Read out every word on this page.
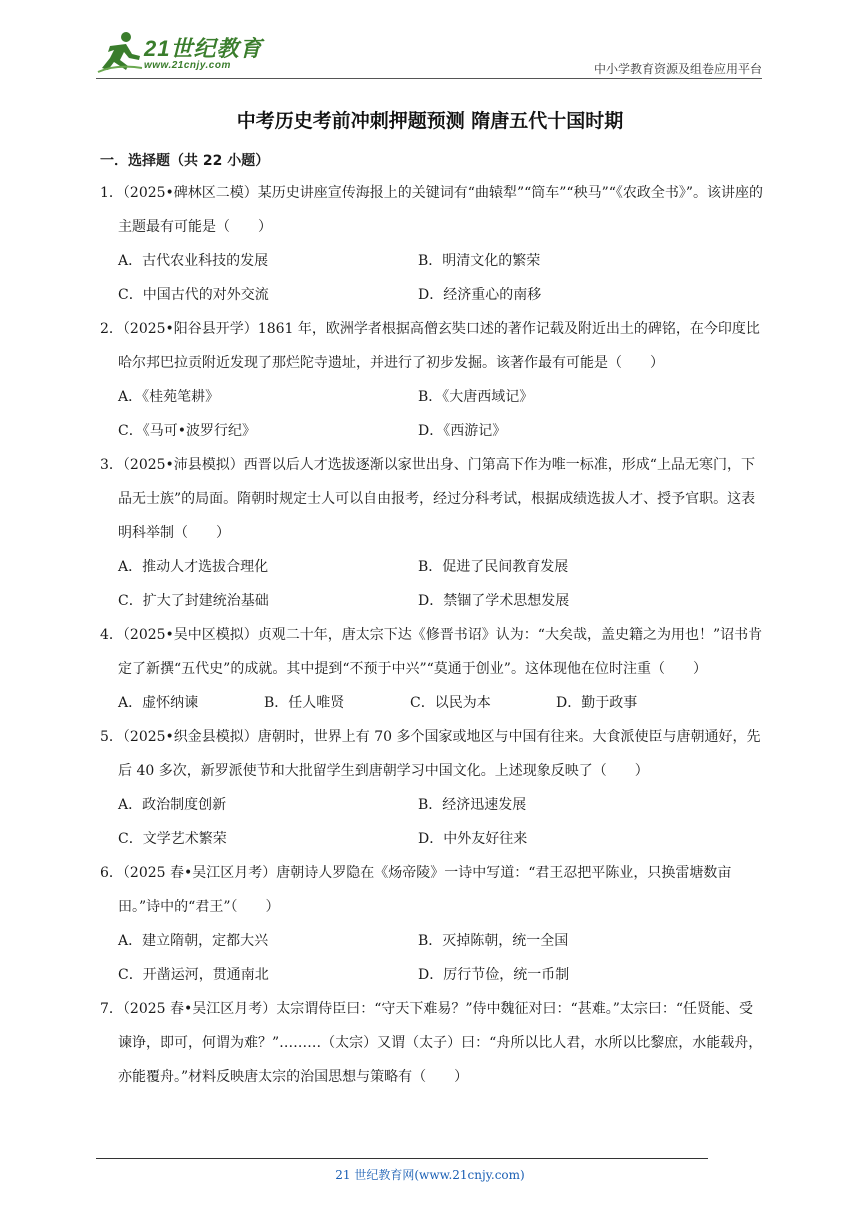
21世纪教育
www.21cnjy.com	中小学教育资源及组卷应用平台
中考历史考前冲刺押题预测 隋唐五代十国时期
一．选择题（共 22 小题）

1．（2025•碑林区二模）某历史讲座宣传海报上的关键词有“曲辕犁”“筒车”“秧马”“《农政全书》”。该讲座的主题最有可能是（　　）

A．古代农业科技的发展	B．明清文化的繁荣
C．中国古代的对外交流	D．经济重心的南移

2．（2025•阳谷县开学）1861 年，欧洲学者根据高僧玄奘口述的著作记载及附近出土的碑铭，在今印度比哈尔邦巴拉贡附近发现了那烂陀寺遗址，并进行了初步发掘。该著作最有可能是（　　）

A．《桂苑笔耕》	B．《大唐西域记》
C．《马可•波罗行纪》	D．《西游记》

3．（2025•沛县模拟）西晋以后人才选拔逐渐以家世出身、门第高下作为唯一标准，形成“上品无寒门，下品无士族”的局面。隋朝时规定士人可以自由报考，经过分科考试，根据成绩选拔人才、授予官职。这表明科举制（　　）

A．推动人才选拔合理化	B．促进了民间教育发展
C．扩大了封建统治基础	D．禁锢了学术思想发展

4．（2025•吴中区模拟）贞观二十年，唐太宗下达《修晋书诏》认为：“大矣哉，盖史籍之为用也！”诏书肯定了新撰“五代史”的成就。其中提到“不预于中兴”“莫通于创业”。这体现他在位时注重（　　）

A．虚怀纳谏	B．任人唯贤	C．以民为本	D．勤于政事

5．（2025•织金县模拟）唐朝时，世界上有 70 多个国家或地区与中国有往来。大食派使臣与唐朝通好，先后 40 多次，新罗派使节和大批留学生到唐朝学习中国文化。上述现象反映了（　　）

A．政治制度创新	B．经济迅速发展
C．文学艺术繁荣	D．中外友好往来

6．（2025 春•吴江区月考）唐朝诗人罗隐在《炀帝陵》一诗中写道：“君王忍把平陈业，只换雷塘数亩田。”诗中的“君王”（　　）

A．建立隋朝，定都大兴	B．灭掉陈朝，统一全国
C．开凿运河，贯通南北	D．厉行节俭，统一币制

7．（2025 春•吴江区月考）太宗谓侍臣曰：“守天下难易？”侍中魏征对曰：“甚难。”太宗曰：“任贤能、受谏诤，即可，何谓为难？”………（太宗）又谓（太子）曰：“舟所以比人君，水所以比黎庶，水能载舟，亦能覆舟。”材料反映唐太宗的治国思想与策略有（　　）

21 世纪教育网(www.21cnjy.com)
